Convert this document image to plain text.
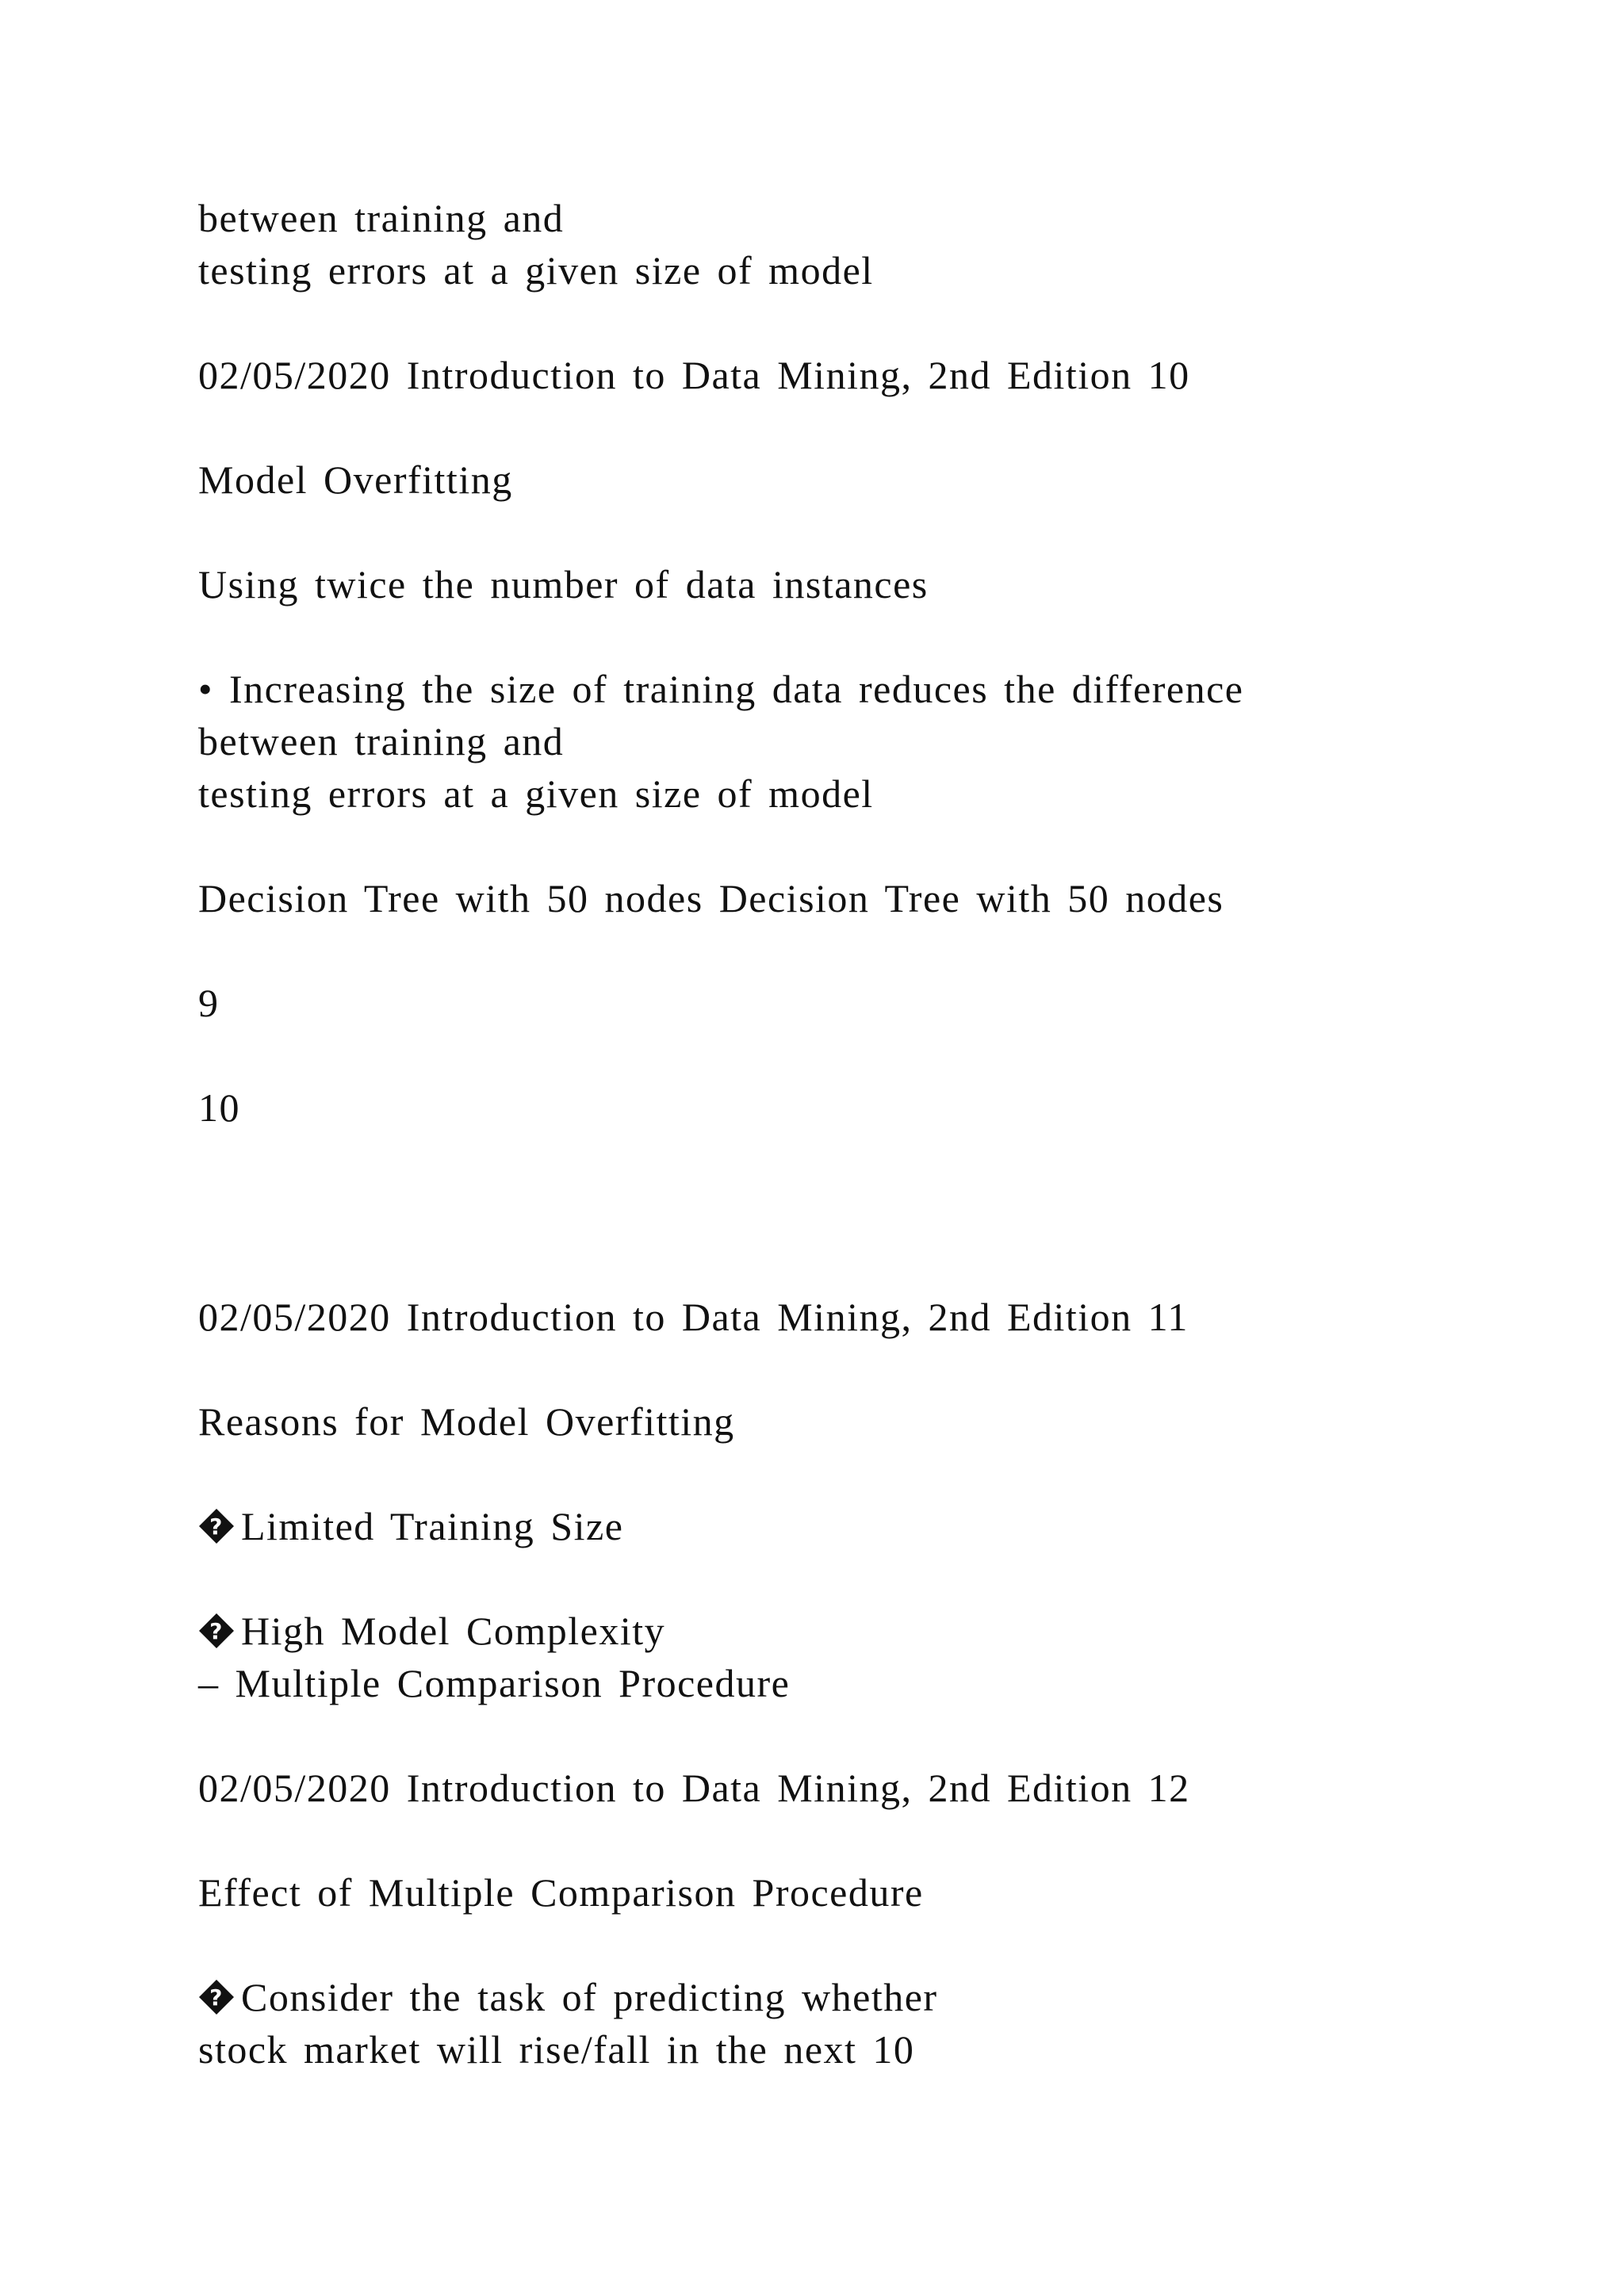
between training and

testing errors at a given size of model

02/05/2020 Introduction to Data Mining, 2nd Edition 10

Model Overfitting

Using twice the number of data instances

• Increasing the size of training data reduces the difference

between training and

testing errors at a given size of model

Decision Tree with 50 nodes Decision Tree with 50 nodes

9

10

02/05/2020 Introduction to Data Mining, 2nd Edition 11

Reasons for Model Overfitting

? Limited Training Size

? High Model Complexity

– Multiple Comparison Procedure

02/05/2020 Introduction to Data Mining, 2nd Edition 12

Effect of Multiple Comparison Procedure

? Consider the task of predicting whether

stock market will rise/fall in the next 10
